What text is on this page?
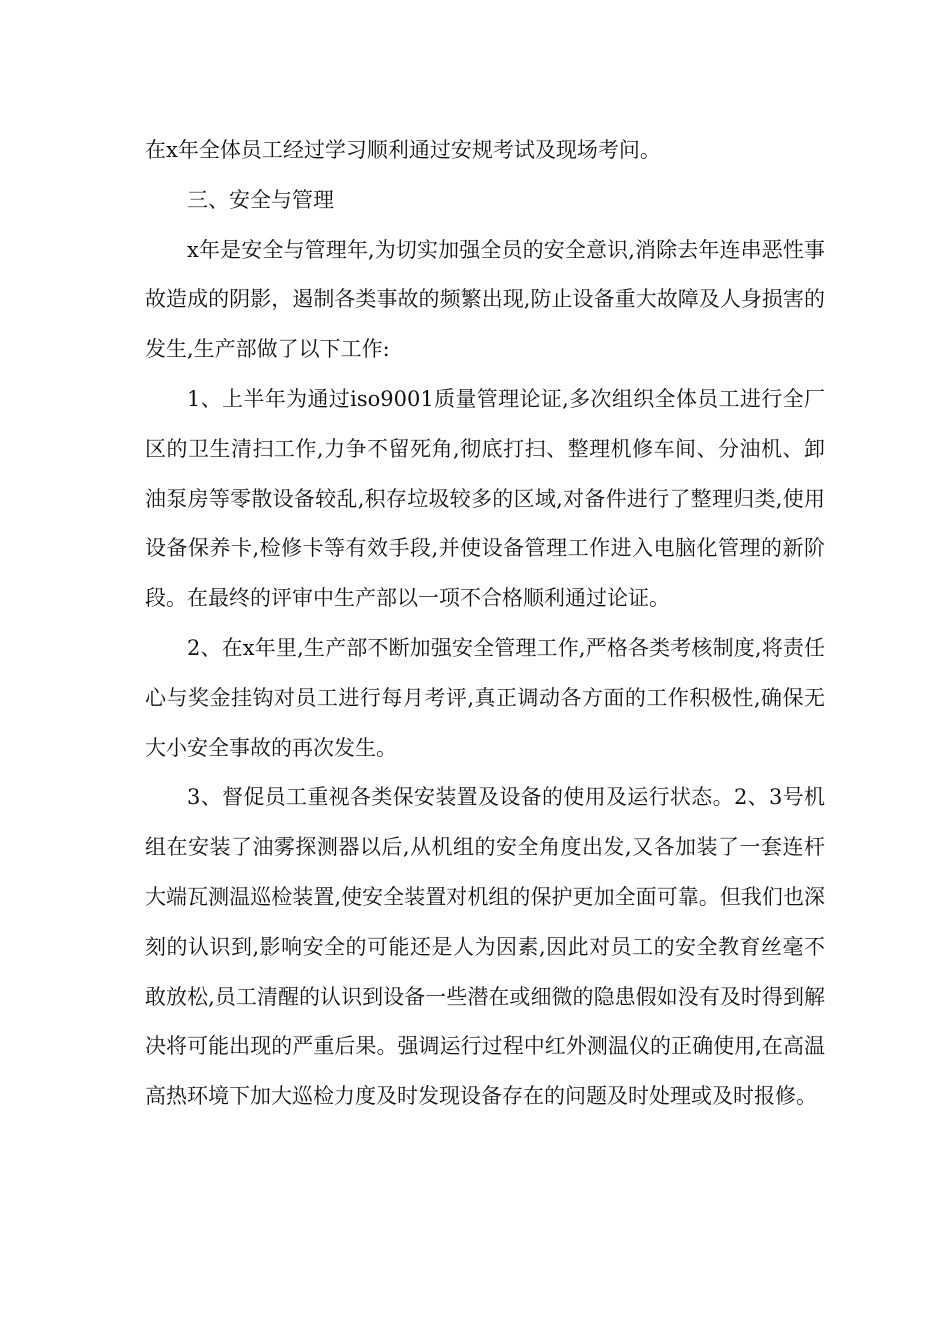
在x年全体员工经过学习顺利通过安规考试及现场考问。

三、安全与管理

x年是安全与管理年,为切实加强全员的安全意识,消除去年连串恶性事故造成的阴影，遏制各类事故的频繁出现,防止设备重大故障及人身损害的发生,生产部做了以下工作:

1、上半年为通过iso9001质量管理论证,多次组织全体员工进行全厂区的卫生清扫工作,力争不留死角,彻底打扫、整理机修车间、分油机、卸油泵房等零散设备较乱,积存垃圾较多的区域,对备件进行了整理归类,使用设备保养卡,检修卡等有效手段,并使设备管理工作进入电脑化管理的新阶段。在最终的评审中生产部以一项不合格顺利通过论证。

2、在x年里,生产部不断加强安全管理工作,严格各类考核制度,将责任心与奖金挂钩对员工进行每月考评,真正调动各方面的工作积极性,确保无大小安全事故的再次发生。

3、督促员工重视各类保安装置及设备的使用及运行状态。2、3号机组在安装了油雾探测器以后,从机组的安全角度出发,又各加装了一套连杆大端瓦测温巡检装置,使安全装置对机组的保护更加全面可靠。但我们也深刻的认识到,影响安全的可能还是人为因素,因此对员工的安全教育丝毫不敢放松,员工清醒的认识到设备一些潜在或细微的隐患假如没有及时得到解决将可能出现的严重后果。强调运行过程中红外测温仪的正确使用,在高温高热环境下加大巡检力度及时发现设备存在的问题及时处理或及时报修。
